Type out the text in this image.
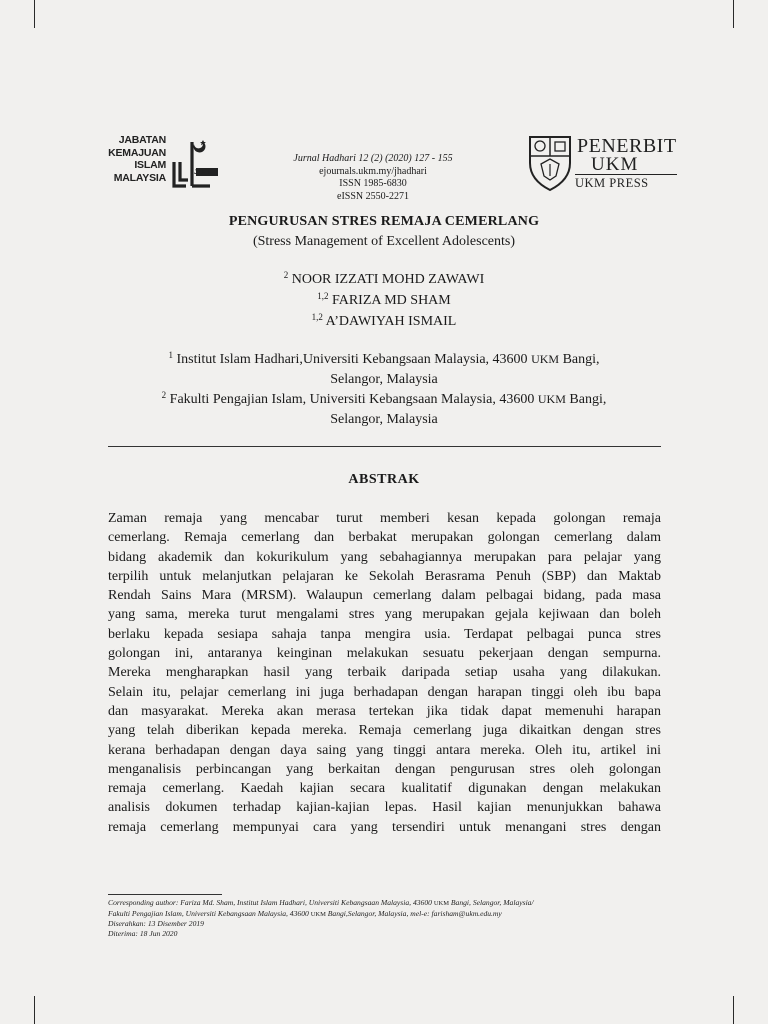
JABATAN
KEMAJUAN
ISLAM
MALAYSIA	JAKIM
Jurnal Hadhari 12 (2) (2020) 127 - 155
ejournals.ukm.my/jhadhari
ISSN 1985-6830
eISSN 2550-2271
PENERBIT
UKM
UKM PRESS
PENGURUSAN STRES REMAJA CEMERLANG
(Stress Management of Excellent Adolescents)
$^2$ NOOR IZZATI MOHD ZAWAWI
$^{1,2}$ FARIZA MD SHAM
$^{1,2}$ A’DAWIYAH ISMAIL
$^1$ Institut Islam Hadhari,Universiti Kebangsaan Malaysia, 43600 UKM Bangi,
Selangor, Malaysia
$^2$ Fakulti Pengajian Islam, Universiti Kebangsaan Malaysia, 43600 UKM Bangi,
Selangor, Malaysia
ABSTRAK
Zaman remaja yang mencabar turut memberi kesan kepada golongan remaja
cemerlang. Remaja cemerlang dan berbakat merupakan golongan cemerlang dalam
bidang akademik dan kokurikulum yang sebahagiannya merupakan para pelajar yang
terpilih untuk melanjutkan pelajaran ke Sekolah Berasrama Penuh (SBP) dan Maktab
Rendah Sains Mara (MRSM). Walaupun cemerlang dalam pelbagai bidang, pada masa
yang sama, mereka turut mengalami stres yang merupakan gejala kejiwaan dan boleh
berlaku kepada sesiapa sahaja tanpa mengira usia. Terdapat pelbagai punca stres
golongan ini, antaranya keinginan melakukan sesuatu pekerjaan dengan sempurna.
Mereka mengharapkan hasil yang terbaik daripada setiap usaha yang dilakukan.
Selain itu, pelajar cemerlang ini juga berhadapan dengan harapan tinggi oleh ibu bapa
dan masyarakat. Mereka akan merasa tertekan jika tidak dapat memenuhi harapan
yang telah diberikan kepada mereka. Remaja cemerlang juga dikaitkan dengan stres
kerana berhadapan dengan daya saing yang tinggi antara mereka. Oleh itu, artikel ini
menganalisis perbincangan yang berkaitan dengan pengurusan stres oleh golongan
remaja cemerlang. Kaedah kajian secara kualitatif digunakan dengan melakukan
analisis dokumen terhadap kajian-kajian lepas. Hasil kajian menunjukkan bahawa
remaja cemerlang mempunyai cara yang tersendiri untuk menangani stres dengan
Corresponding author: Fariza Md. Sham, Institut Islam Hadhari, Universiti Kebangsaan Malaysia, 43600 UKM Bangi, Selangor, Malaysia/
Fakulti Pengajian Islam, Universiti Kebangsaan Malaysia, 43600 UKM Bangi,Selangor, Malaysia, mel-e: farisham@ukm.edu.my
Diserahkan: 13 Disember 2019
Diterima: 18 Jun 2020
